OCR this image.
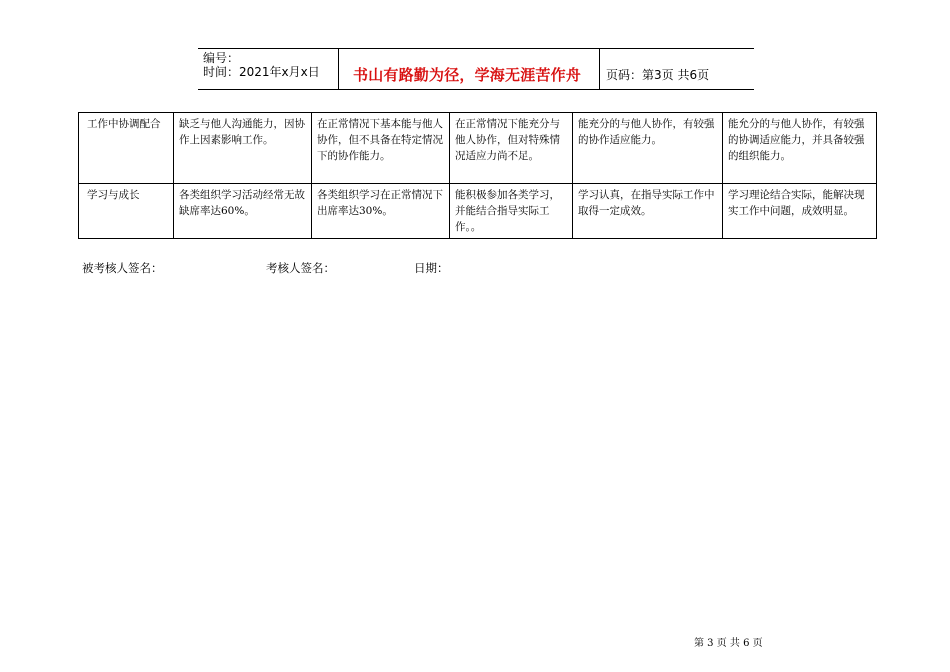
编号：
时间：2021年x月x日 书山有路勤为径，学海无涯苦作舟 页码：第3页 共6页
工作中协调配合	缺乏与他人沟通能力，因协作上因素影响工作。	在正常情况下基本能与他人协作，但不具备在特定情况下的协作能力。	在正常情况下能充分与他人协作，但对特殊情况适应力尚不足。	能充分的与他人协作，有较强的协作适应能力。	能允分的与他人协作，有较强的协调适应能力，并具备较强的组织能力。
学习与成长	各类组织学习活动经常无故缺席率达60%。	各类组织学习在正常情况下出席率达30%。	能积极参加各类学习，并能结合指导实际工作。。	学习认真，在指导实际工作中取得一定成效。	学习理论结合实际，能解决现实工作中问题，成效明显。
被考核人签名：	考核人签名：	日期：
第 3 页 共 6 页
